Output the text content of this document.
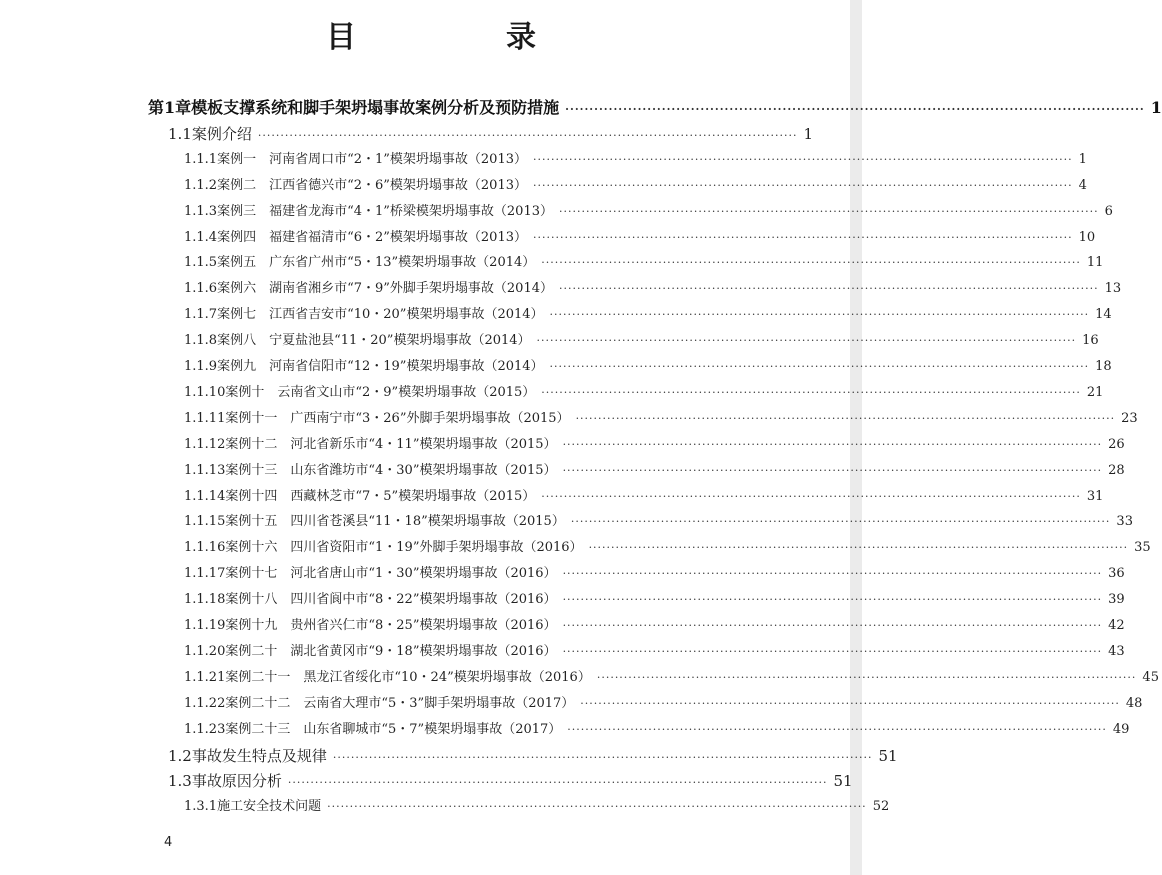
目　录
第1章 模板支撑系统和脚手架坍塌事故案例分析及预防措施 ························································································································ 1
1.1 案例介绍 ························································································································ 1
1.1.1 案例一　河南省周口市“2・1”模架坍塌事故（2013） ························································································································ 1
1.1.2 案例二　江西省德兴市“2・6”模架坍塌事故（2013） ························································································································ 4
1.1.3 案例三　福建省龙海市“4・1”桥梁模架坍塌事故（2013） ························································································································ 6
1.1.4 案例四　福建省福清市“6・2”模架坍塌事故（2013） ························································································································ 10
1.1.5 案例五　广东省广州市“5・13”模架坍塌事故（2014） ························································································································ 11
1.1.6 案例六　湖南省湘乡市“7・9”外脚手架坍塌事故（2014） ························································································································ 13
1.1.7 案例七　江西省吉安市“10・20”模架坍塌事故（2014） ························································································································ 14
1.1.8 案例八　宁夏盐池县“11・20”模架坍塌事故（2014） ························································································································ 16
1.1.9 案例九　河南省信阳市“12・19”模架坍塌事故（2014） ························································································································ 18
1.1.10 案例十　云南省文山市“2・9”模架坍塌事故（2015） ························································································································ 21
1.1.11 案例十一　广西南宁市“3・26”外脚手架坍塌事故（2015） ························································································································ 23
1.1.12 案例十二　河北省新乐市“4・11”模架坍塌事故（2015） ························································································································ 26
1.1.13 案例十三　山东省潍坊市“4・30”模架坍塌事故（2015） ························································································································ 28
1.1.14 案例十四　西藏林芝市“7・5”模架坍塌事故（2015） ························································································································ 31
1.1.15 案例十五　四川省苍溪县“11・18”模架坍塌事故（2015） ························································································································ 33
1.1.16 案例十六　四川省资阳市“1・19”外脚手架坍塌事故（2016） ························································································································ 35
1.1.17 案例十七　河北省唐山市“1・30”模架坍塌事故（2016） ························································································································ 36
1.1.18 案例十八　四川省阆中市“8・22”模架坍塌事故（2016） ························································································································ 39
1.1.19 案例十九　贵州省兴仁市“8・25”模架坍塌事故（2016） ························································································································ 42
1.1.20 案例二十　湖北省黄冈市“9・18”模架坍塌事故（2016） ························································································································ 43
1.1.21 案例二十一　黑龙江省绥化市“10・24”模架坍塌事故（2016） ························································································································ 45
1.1.22 案例二十二　云南省大理市“5・3”脚手架坍塌事故（2017） ························································································································ 48
1.1.23 案例二十三　山东省聊城市“5・7”模架坍塌事故（2017） ························································································································ 49
1.2 事故发生特点及规律 ························································································································ 51
1.3 事故原因分析 ························································································································ 51
1.3.1 施工安全技术问题 ························································································································ 52
4
